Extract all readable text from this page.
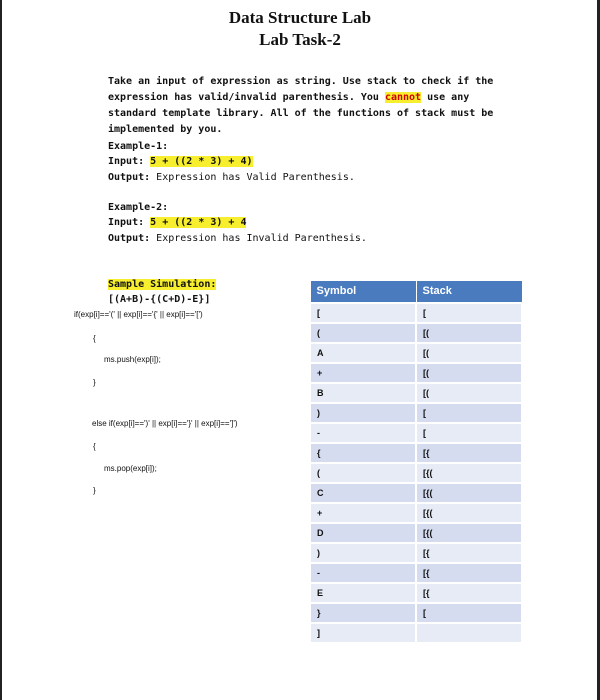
Data Structure Lab
Lab Task-2
Take an input of expression as string. Use stack to check if the
expression has valid/invalid parenthesis. You cannot use any
standard template library. All of the functions of stack must be
implemented by you.
Example-1:
Input: 5 + ((2 * 3) + 4)
Output: Expression has Valid Parenthesis.
Example-2:
Input: 5 + ((2 * 3) + 4
Output: Expression has Invalid Parenthesis.
Sample Simulation:
[(A+B)-{(C+D)-E}]
if(exp[i]=='(' || exp[i]=='{' || exp[i]=='[')
{
ms.push(exp[i]);
}
else if(exp[i]==')' || exp[i]=='}' || exp[i]==']')
{
ms.pop(exp[i]);
}
Symbol	Stack
[	[
(	[(
A	[(
+	[(
B	[(
)	[
-	[
{	[{
(	[{(
C	[{(
+	[{(
D	[{(
)	[{
-	[{
E	[{
}	[
]	
